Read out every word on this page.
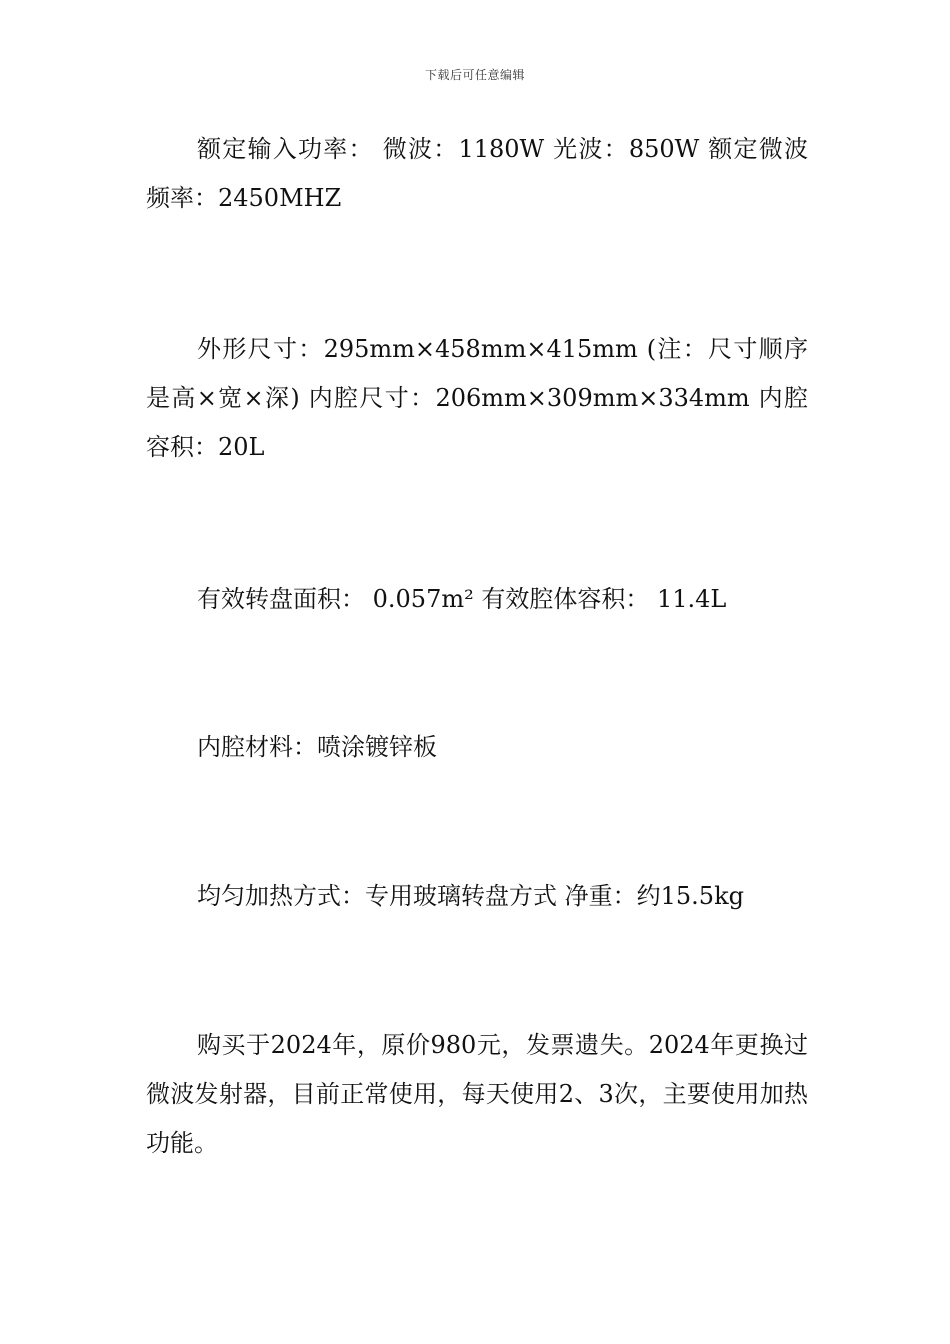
下载后可任意编辑

额定输入功率： 微波：1180W 光波：850W 额定微波频率：2450MHZ

外形尺寸：295mm×458mm×415mm (注：尺寸顺序是高×宽×深) 内腔尺寸：206mm×309mm×334mm 内腔容积：20L

有效转盘面积： 0.057m² 有效腔体容积： 11.4L

内腔材料：喷涂镀锌板

均匀加热方式：专用玻璃转盘方式 净重：约15.5kg

购买于2024年，原价980元，发票遗失。2024年更换过微波发射器，目前正常使用，每天使用2、3次，主要使用加热功能。
